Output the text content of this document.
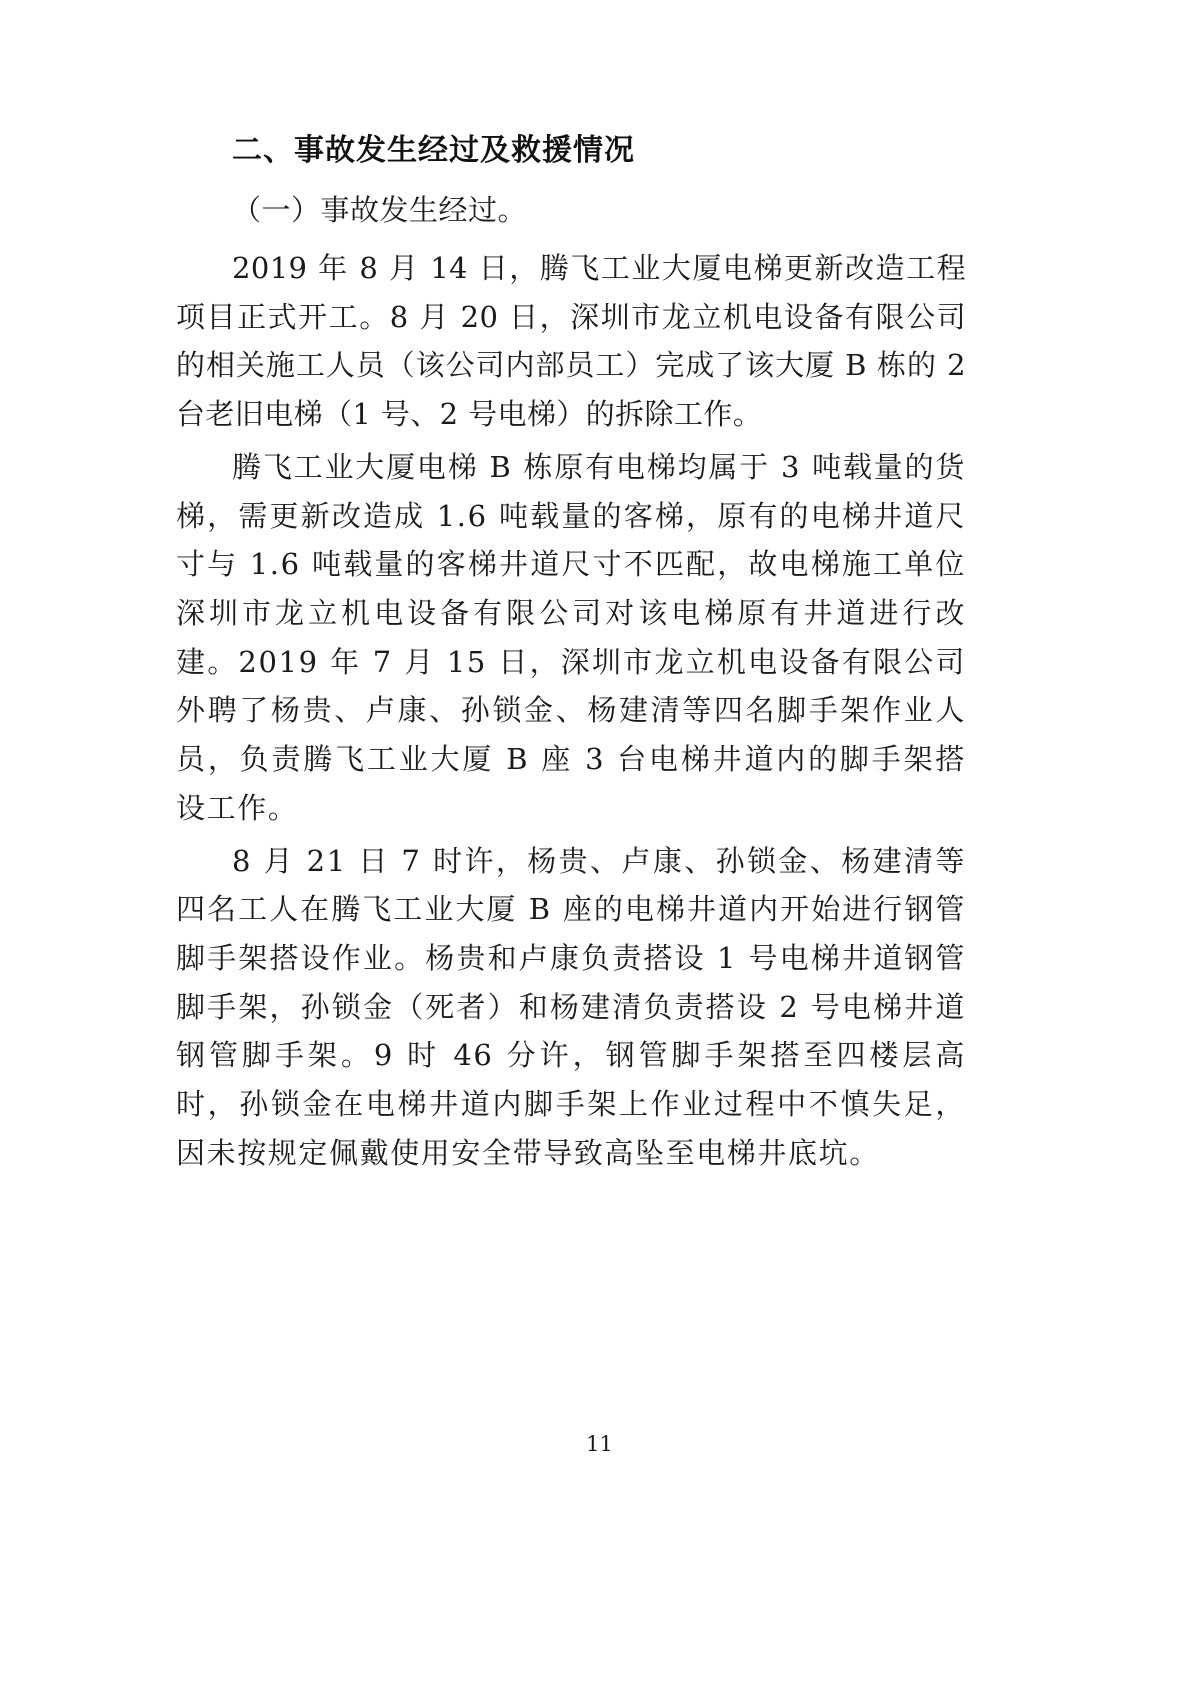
二、事故发生经过及救援情况

（一）事故发生经过。

2019 年 8 月 14 日，腾飞工业大厦电梯更新改造工程项目正式开工。8 月 20 日，深圳市龙立机电设备有限公司的相关施工人员（该公司内部员工）完成了该大厦 B 栋的 2 台老旧电梯（1 号、2 号电梯）的拆除工作。

腾飞工业大厦电梯 B 栋原有电梯均属于 3 吨载量的货梯，需更新改造成 1.6 吨载量的客梯，原有的电梯井道尺寸与 1.6 吨载量的客梯井道尺寸不匹配，故电梯施工单位深圳市龙立机电设备有限公司对该电梯原有井道进行改建。2019 年 7 月 15 日，深圳市龙立机电设备有限公司外聘了杨贵、卢康、孙锁金、杨建清等四名脚手架作业人员，负责腾飞工业大厦 B 座 3 台电梯井道内的脚手架搭设工作。

8 月 21 日 7 时许，杨贵、卢康、孙锁金、杨建清等四名工人在腾飞工业大厦 B 座的电梯井道内开始进行钢管脚手架搭设作业。杨贵和卢康负责搭设 1 号电梯井道钢管脚手架，孙锁金（死者）和杨建清负责搭设 2 号电梯井道钢管脚手架。9 时 46 分许，钢管脚手架搭至四楼层高时，孙锁金在电梯井道内脚手架上作业过程中不慎失足，因未按规定佩戴使用安全带导致高坠至电梯井底坑。

11
